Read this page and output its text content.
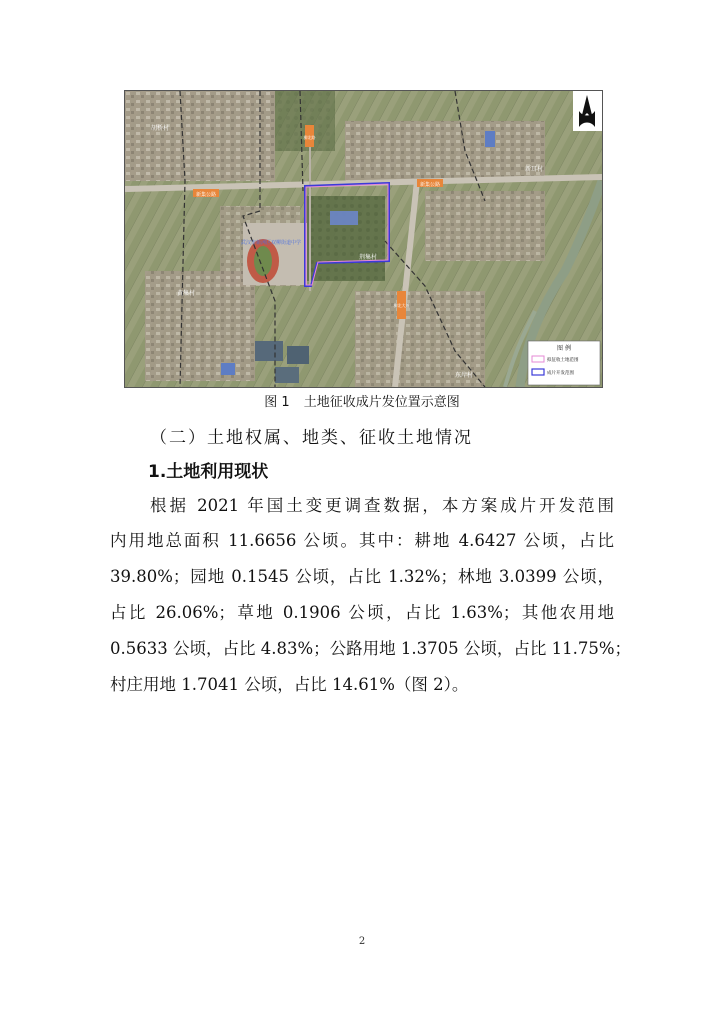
新集公路
新集公路
柳北路
柳北大道
胡桥村
黄集村
荆集村
新耳村
东岸村
武汉市新洲区双柳街道中学
图 例
拟征收土地范围
成片开发范围
图 1 土地征收成片发位置示意图
（二）土地权属、地类、征收土地情况
1.土地利用现状
根据 2021 年国土变更调查数据，本方案成片开发范围
内用地总面积 11.6656 公顷。其中：耕地 4.6427 公顷，占比
39.80%；园地 0.1545 公顷，占比 1.32%；林地 3.0399 公顷，
占比 26.06%；草地 0.1906 公顷，占比 1.63%；其他农用地
0.5633 公顷，占比 4.83%；公路用地 1.3705 公顷，占比 11.75%；
村庄用地 1.7041 公顷，占比 14.61%（图 2）。
2
